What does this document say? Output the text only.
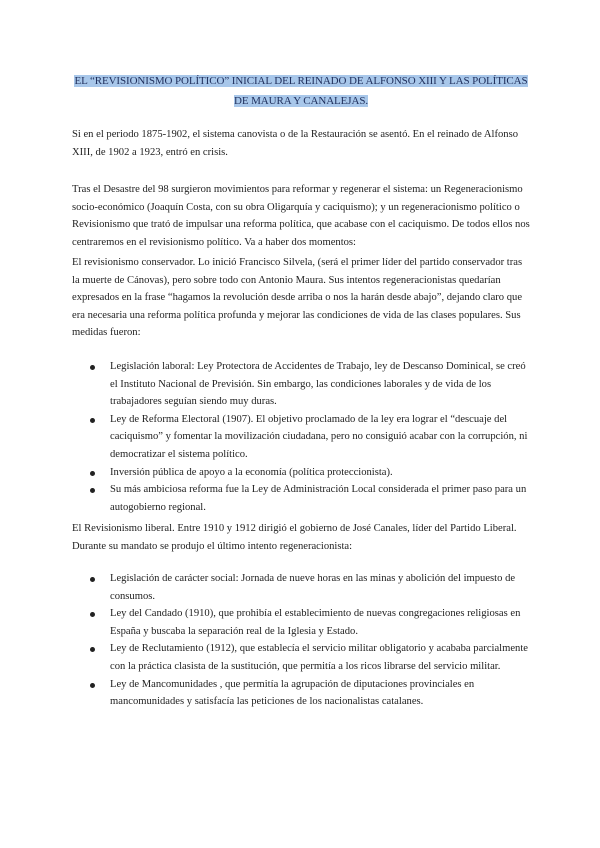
EL “REVISIONISMO POLÍTICO” INICIAL DEL REINADO DE ALFONSO XIII Y LAS POLÍTICAS DE MAURA Y CANALEJAS.

Si en el periodo 1875-1902, el sistema canovista o de la Restauración se asentó. En el reinado de Alfonso XIII, de 1902 a 1923, entró en crisis.

Tras el Desastre del 98 surgieron movimientos para reformar y regenerar el sistema: un Regeneracionismo socio-económico (Joaquín Costa, con su obra Oligarquía y caciquismo); y un regeneracionismo político o Revisionismo que trató de impulsar una reforma política, que acabase con el caciquismo. De todos ellos nos centraremos en el revisionismo político. Va a haber dos momentos:

El revisionismo conservador. Lo inició Francisco Silvela, (será el primer líder del partido conservador tras la muerte de Cánovas), pero sobre todo con Antonio Maura. Sus intentos regeneracionistas quedarían expresados en la frase “hagamos la revolución desde arriba o nos la harán desde abajo”, dejando claro que era necesaria una reforma política profunda y mejorar las condiciones de vida de las clases populares. Sus medidas fueron:

Legislación laboral: Ley Protectora de Accidentes de Trabajo, ley de Descanso Dominical, se creó el Instituto Nacional de Previsión. Sin embargo, las condiciones laborales y de vida de los trabajadores seguían siendo muy duras.
Ley de Reforma Electoral (1907). El objetivo proclamado de la ley era lograr el “descuaje del caciquismo” y fomentar la movilización ciudadana, pero no consiguió acabar con la corrupción, ni democratizar el sistema político.
Inversión pública de apoyo a la economía (política proteccionista).
Su más ambiciosa reforma fue la Ley de Administración Local considerada el primer paso para un autogobierno regional.

El Revisionismo liberal. Entre 1910 y 1912 dirigió el gobierno de José Canales, líder del Partido Liberal. Durante su mandato se produjo el último intento regeneracionista:

Legislación de carácter social: Jornada de nueve horas en las minas y abolición del impuesto de consumos.
Ley del Candado (1910), que prohibía el establecimiento de nuevas congregaciones religiosas en España y buscaba la separación real de la Iglesia y Estado.
Ley de Reclutamiento (1912), que establecía el servicio militar obligatorio y acababa parcialmente con la práctica clasista de la sustitución, que permitía a los ricos librarse del servicio militar.
Ley de Mancomunidades , que permitía la agrupación de diputaciones provinciales en mancomunidades y satisfacía las peticiones de los nacionalistas catalanes.
